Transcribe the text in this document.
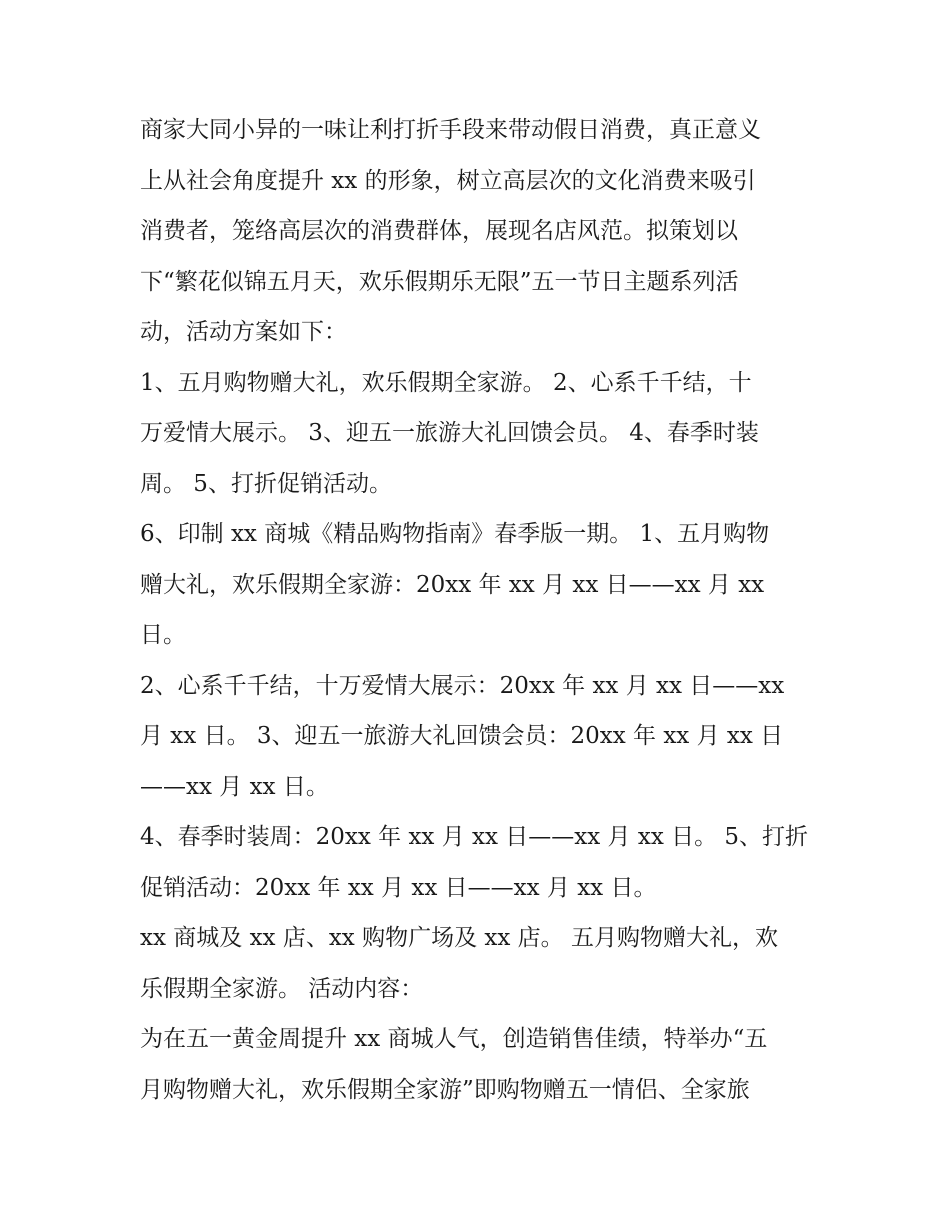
商家大同小异的一味让利打折手段来带动假日消费，真正意义
上从社会角度提升 xx 的形象，树立高层次的文化消费来吸引
消费者，笼络高层次的消费群体，展现名店风范。拟策划以
下“繁花似锦五月天，欢乐假期乐无限”五一节日主题系列活
动，活动方案如下：
1、五月购物赠大礼，欢乐假期全家游。 2、心系千千结，十
万爱情大展示。 3、迎五一旅游大礼回馈会员。 4、春季时装
周。 5、打折促销活动。
6、印制 xx 商城《精品购物指南》春季版一期。 1、五月购物
赠大礼，欢乐假期全家游：20xx 年 xx 月 xx 日——xx 月 xx
日。
2、心系千千结，十万爱情大展示：20xx 年 xx 月 xx 日——xx
月 xx 日。 3、迎五一旅游大礼回馈会员：20xx 年 xx 月 xx 日
——xx 月 xx 日。
4、春季时装周：20xx 年 xx 月 xx 日——xx 月 xx 日。 5、打折
促销活动：20xx 年 xx 月 xx 日——xx 月 xx 日。
xx 商城及 xx 店、xx 购物广场及 xx 店。 五月购物赠大礼，欢
乐假期全家游。 活动内容：
为在五一黄金周提升 xx 商城人气，创造销售佳绩，特举办“五
月购物赠大礼，欢乐假期全家游”即购物赠五一情侣、全家旅
